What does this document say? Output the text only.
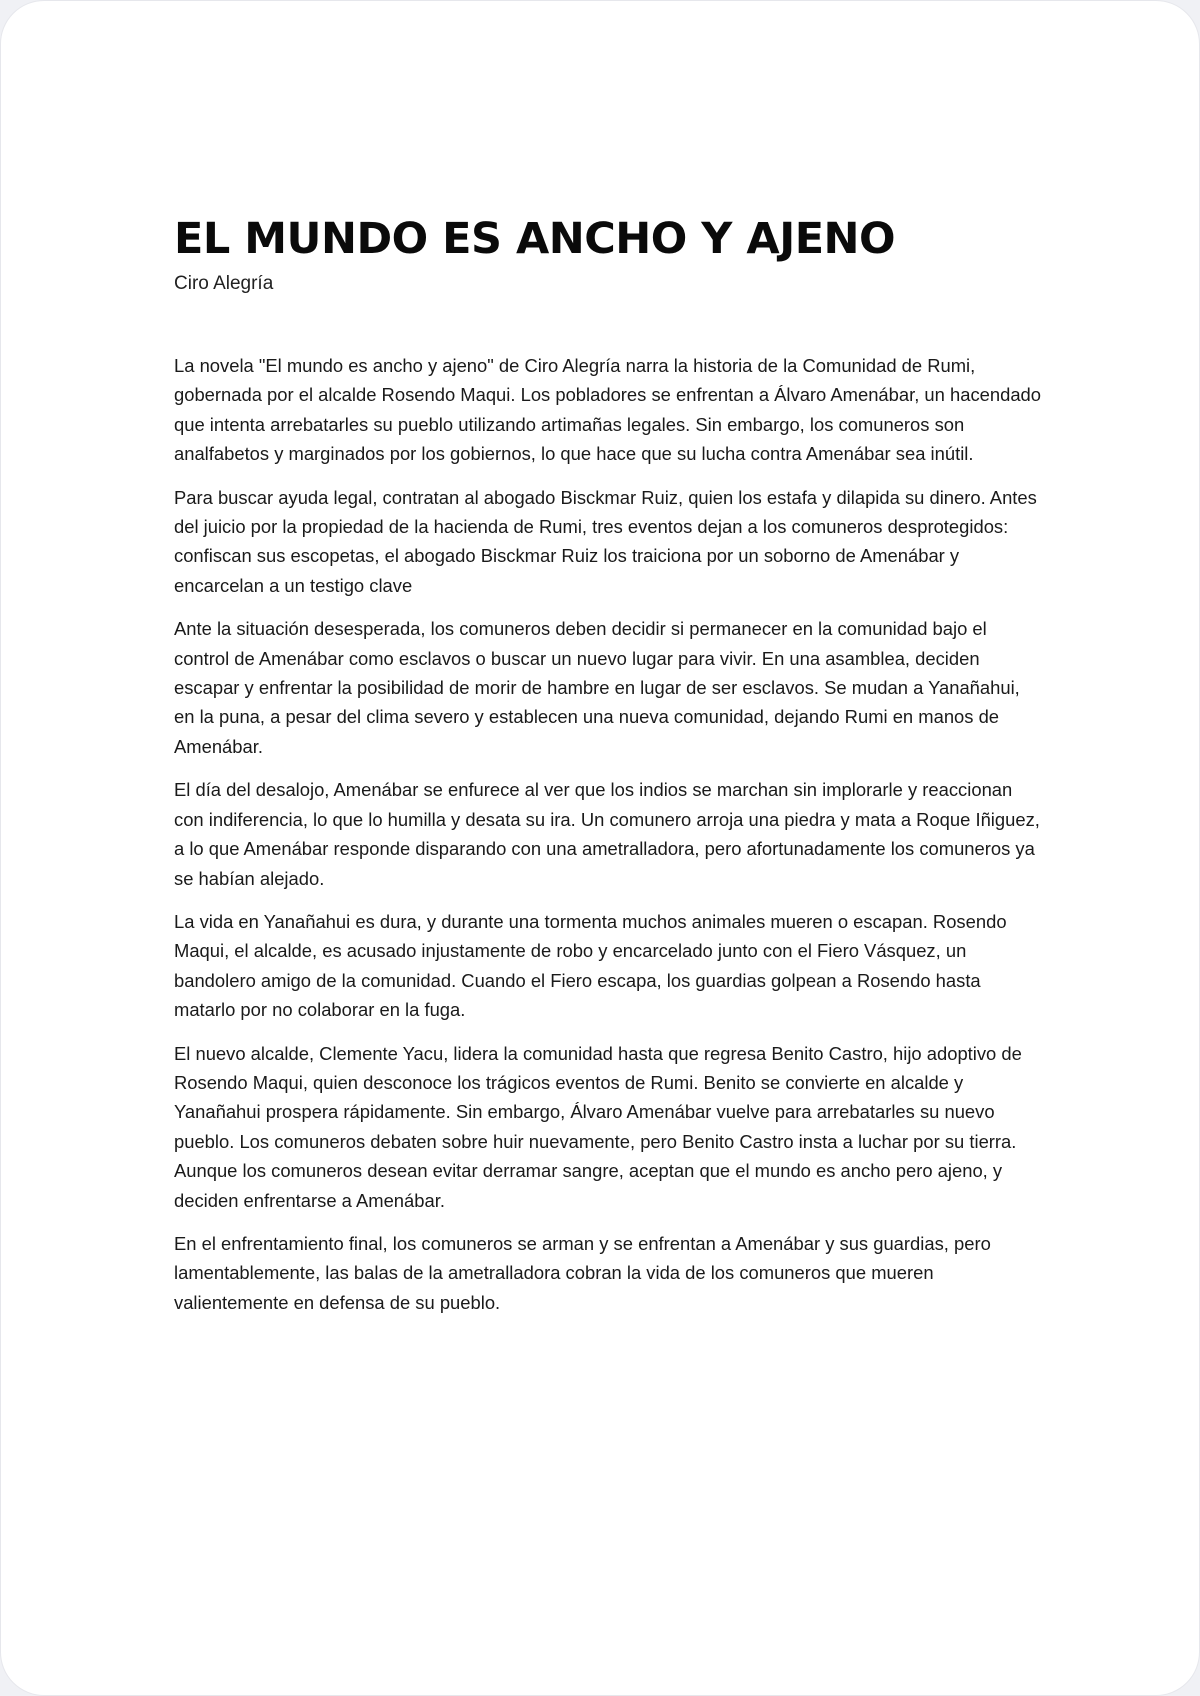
EL MUNDO ES ANCHO Y AJENO

Ciro Alegría

La novela "El mundo es ancho y ajeno" de Ciro Alegría narra la historia de la Comunidad de Rumi, gobernada por el alcalde Rosendo Maqui. Los pobladores se enfrentan a Álvaro Amenábar, un hacendado que intenta arrebatarles su pueblo utilizando artimañas legales. Sin embargo, los comuneros son analfabetos y marginados por los gobiernos, lo que hace que su lucha contra Amenábar sea inútil.

Para buscar ayuda legal, contratan al abogado Bisckmar Ruiz, quien los estafa y dilapida su dinero. Antes del juicio por la propiedad de la hacienda de Rumi, tres eventos dejan a los comuneros desprotegidos: confiscan sus escopetas, el abogado Bisckmar Ruiz los traiciona por un soborno de Amenábar y encarcelan a un testigo clave

Ante la situación desesperada, los comuneros deben decidir si permanecer en la comunidad bajo el control de Amenábar como esclavos o buscar un nuevo lugar para vivir. En una asamblea, deciden escapar y enfrentar la posibilidad de morir de hambre en lugar de ser esclavos. Se mudan a Yanañahui, en la puna, a pesar del clima severo y establecen una nueva comunidad, dejando Rumi en manos de Amenábar.

El día del desalojo, Amenábar se enfurece al ver que los indios se marchan sin implorarle y reaccionan con indiferencia, lo que lo humilla y desata su ira. Un comunero arroja una piedra y mata a Roque Iñiguez, a lo que Amenábar responde disparando con una ametralladora, pero afortunadamente los comuneros ya se habían alejado.

La vida en Yanañahui es dura, y durante una tormenta muchos animales mueren o escapan. Rosendo Maqui, el alcalde, es acusado injustamente de robo y encarcelado junto con el Fiero Vásquez, un bandolero amigo de la comunidad. Cuando el Fiero escapa, los guardias golpean a Rosendo hasta matarlo por no colaborar en la fuga.

El nuevo alcalde, Clemente Yacu, lidera la comunidad hasta que regresa Benito Castro, hijo adoptivo de Rosendo Maqui, quien desconoce los trágicos eventos de Rumi. Benito se convierte en alcalde y Yanañahui prospera rápidamente. Sin embargo, Álvaro Amenábar vuelve para arrebatarles su nuevo pueblo. Los comuneros debaten sobre huir nuevamente, pero Benito Castro insta a luchar por su tierra. Aunque los comuneros desean evitar derramar sangre, aceptan que el mundo es ancho pero ajeno, y deciden enfrentarse a Amenábar.

En el enfrentamiento final, los comuneros se arman y se enfrentan a Amenábar y sus guardias, pero lamentablemente, las balas de la ametralladora cobran la vida de los comuneros que mueren valientemente en defensa de su pueblo.
